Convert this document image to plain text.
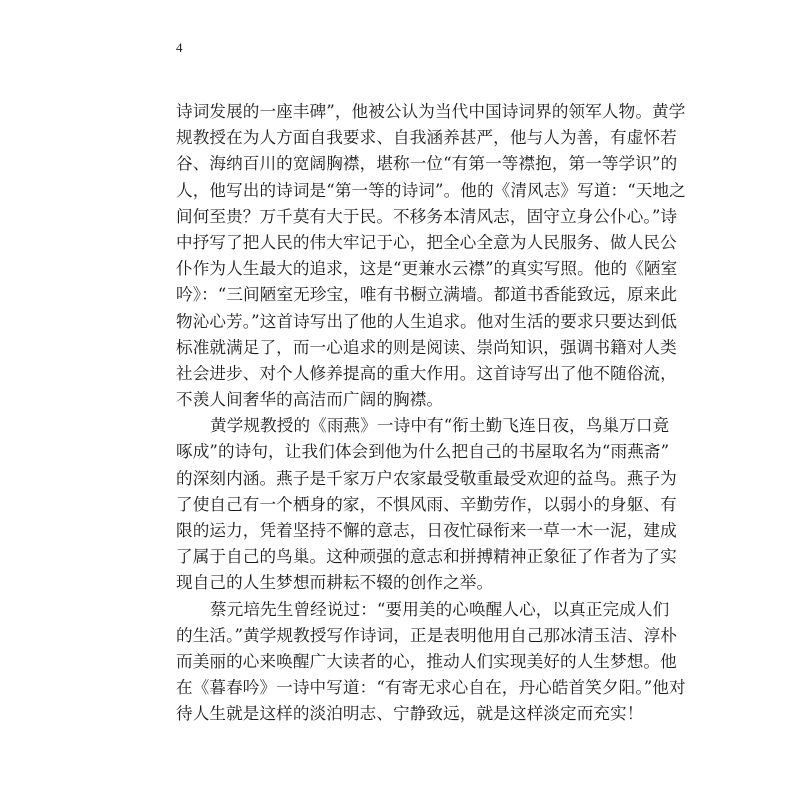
4
诗词发展的一座丰碑”，他被公认为当代中国诗词界的领军人物。黄学
规教授在为人方面自我要求、自我涵养甚严，他与人为善，有虚怀若
谷、海纳百川的宽阔胸襟，堪称一位“有第一等襟抱，第一等学识”的
人，他写出的诗词是“第一等的诗词”。他的《清风志》写道：“天地之
间何至贵？万千莫有大于民。不移务本清风志，固守立身公仆心。”诗
中抒写了把人民的伟大牢记于心，把全心全意为人民服务、做人民公
仆作为人生最大的追求，这是“更兼水云襟”的真实写照。他的《陋室
吟》：“三间陋室无珍宝，唯有书橱立满墙。都道书香能致远，原来此
物沁心芳。”这首诗写出了他的人生追求。他对生活的要求只要达到低
标准就满足了，而一心追求的则是阅读、崇尚知识，强调书籍对人类
社会进步、对个人修养提高的重大作用。这首诗写出了他不随俗流，
不羡人间奢华的高洁而广阔的胸襟。
黄学规教授的《雨燕》一诗中有“衔土勤飞连日夜，鸟巢万口竟
啄成”的诗句，让我们体会到他为什么把自己的书屋取名为“雨燕斋”
的深刻内涵。燕子是千家万户农家最受敬重最受欢迎的益鸟。燕子为
了使自己有一个栖身的家，不惧风雨、辛勤劳作，以弱小的身躯、有
限的运力，凭着坚持不懈的意志，日夜忙碌衔来一草一木一泥，建成
了属于自己的鸟巢。这种顽强的意志和拼搏精神正象征了作者为了实
现自己的人生梦想而耕耘不辍的创作之举。
蔡元培先生曾经说过：“要用美的心唤醒人心，以真正完成人们
的生活。”黄学规教授写作诗词，正是表明他用自己那冰清玉洁、淳朴
而美丽的心来唤醒广大读者的心，推动人们实现美好的人生梦想。他
在《暮春吟》一诗中写道：“有寄无求心自在，丹心皓首笑夕阳。”他对
待人生就是这样的淡泊明志、宁静致远，就是这样淡定而充实！
